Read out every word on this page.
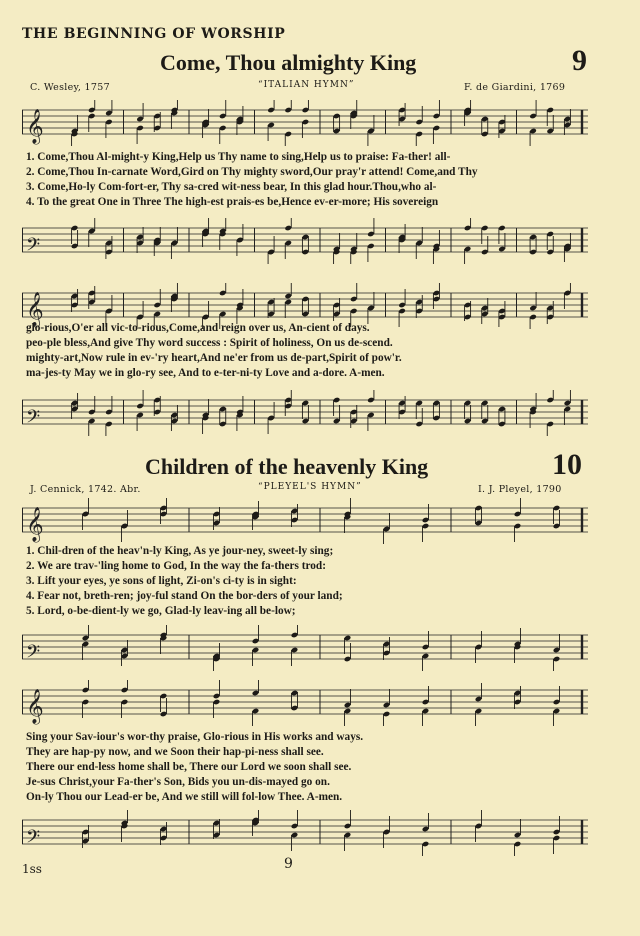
THE BEGINNING OF WORSHIP
Come, Thou almighty King	9
C. Wesley, 1757	“ITALIAN HYMN”	F. de Giardini, 1769
𝄞
1. Come,Thou Al-might-y King,Help us Thy name to sing,Help us to praise: Fa-ther! all-
2. Come,Thou In-carnate Word,Gird on Thy mighty sword,Our pray'r attend! Come,and Thy
3. Come,Ho-ly Com-fort-er, Thy sa-cred wit-ness bear, In this glad hour.Thou,who al-
4. To the great One in Three The high-est prais-es be,Hence ev-er-more; His sovereign
𝄢
𝄞
glo-rious,O'er all vic-to-rious,Come,and reign over us, An-cient of days.
peo-ple bless,And give Thy word success : Spirit of holiness, On us de-scend.
mighty-art,Now rule in ev-'ry heart,And ne'er from us de-part,Spirit of pow'r.
ma-jes-ty May we in glo-ry see, And to e-ter-ni-ty Love and a-dore. A-men.
𝄢
Children of the heavenly King	10
J. Cennick, 1742. Abr.	“PLEYEL'S HYMN”	I. J. Pleyel, 1790
𝄞
1. Chil-dren of the heav'n-ly King, As ye jour-ney, sweet-ly sing;
2. We are trav-'ling home to God, In the way the fa-thers trod:
3. Lift your eyes, ye sons of light, Zi-on's ci-ty is in sight:
4. Fear not, breth-ren; joy-ful stand On the bor-ders of your land;
5. Lord, o-be-dient-ly we go, Glad-ly leav-ing all be-low;
𝄢
𝄞
Sing your Sav-iour's wor-thy praise, Glo-rious in His works and ways.
They are hap-py now, and we Soon their hap-pi-ness shall see.
There our end-less home shall be, There our Lord we soon shall see.
Je-sus Christ,your Fa-ther's Son, Bids you un-dis-mayed go on.
On-ly Thou our Lead-er be, And we still will fol-low Thee. A-men.
𝄢
1ss	9
